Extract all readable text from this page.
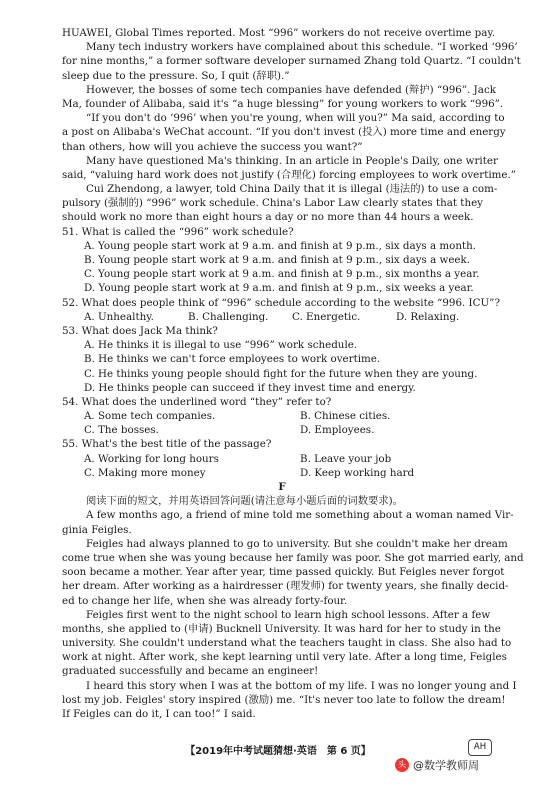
HUAWEI, Global Times reported. Most “996” workers do not receive overtime pay.
Many tech industry workers have complained about this schedule. “I worked ‘996’
for nine months,” a former software developer surnamed Zhang told Quartz. “I couldn't
sleep due to the pressure. So, I quit (辞职).”
However, the bosses of some tech companies have defended (辩护) “996”. Jack
Ma, founder of Alibaba, said it's “a huge blessing” for young workers to work “996”.
“If you don't do ‘996’ when you're young, when will you?” Ma said, according to
a post on Alibaba's WeChat account. “If you don't invest (投入) more time and energy
than others, how will you achieve the success you want?”
Many have questioned Ma's thinking. In an article in People's Daily, one writer
said, “valuing hard work does not justify (合理化) forcing employees to work overtime.”
Cui Zhendong, a lawyer, told China Daily that it is illegal (违法的) to use a com-
pulsory (强制的) “996” work schedule. China's Labor Law clearly states that they
should work no more than eight hours a day or no more than 44 hours a week.
51. What is called the “996” work schedule?
A. Young people start work at 9 a.m. and finish at 9 p.m., six days a month.
B. Young people start work at 9 a.m. and finish at 9 p.m., six days a week.
C. Young people start work at 9 a.m. and finish at 9 p.m., six months a year.
D. Young people start work at 9 a.m. and finish at 9 p.m., six weeks a year.
52. What does people think of “996” schedule according to the website “996. ICU”?
A. Unhealthy.	B. Challenging.	C. Energetic.	D. Relaxing.
53. What does Jack Ma think?
A. He thinks it is illegal to use “996” work schedule.
B. He thinks we can't force employees to work overtime.
C. He thinks young people should fight for the future when they are young.
D. He thinks people can succeed if they invest time and energy.
54. What does the underlined word “they” refer to?
A. Some tech companies.	B. Chinese cities.
C. The bosses.	D. Employees.
55. What's the best title of the passage?
A. Working for long hours	B. Leave your job
C. Making more money	D. Keep working hard
F
阅读下面的短文，并用英语回答问题(请注意每小题后面的词数要求)。
A few months ago, a friend of mine told me something about a woman named Vir-
ginia Feigles.
Feigles had always planned to go to university. But she couldn't make her dream
come true when she was young because her family was poor. She got married early, and
soon became a mother. Year after year, time passed quickly. But Feigles never forgot
her dream. After working as a hairdresser (理发师) for twenty years, she finally decid-
ed to change her life, when she was already forty-four.
Feigles first went to the night school to learn high school lessons. After a few
months, she applied to (申请) Bucknell University. It was hard for her to study in the
university. She couldn't understand what the teachers taught in class. She also had to
work at night. After work, she kept learning until very late. After a long time, Feigles
graduated successfully and became an engineer!
I heard this story when I was at the bottom of my life. I was no longer young and I
lost my job. Feigles' story inspired (激励) me. “It's never too late to follow the dream!
If Feigles can do it, I can too!” I said.
【2019年中考试题猜想·英语　第 6 页】	AH
头条
@数学教师周
